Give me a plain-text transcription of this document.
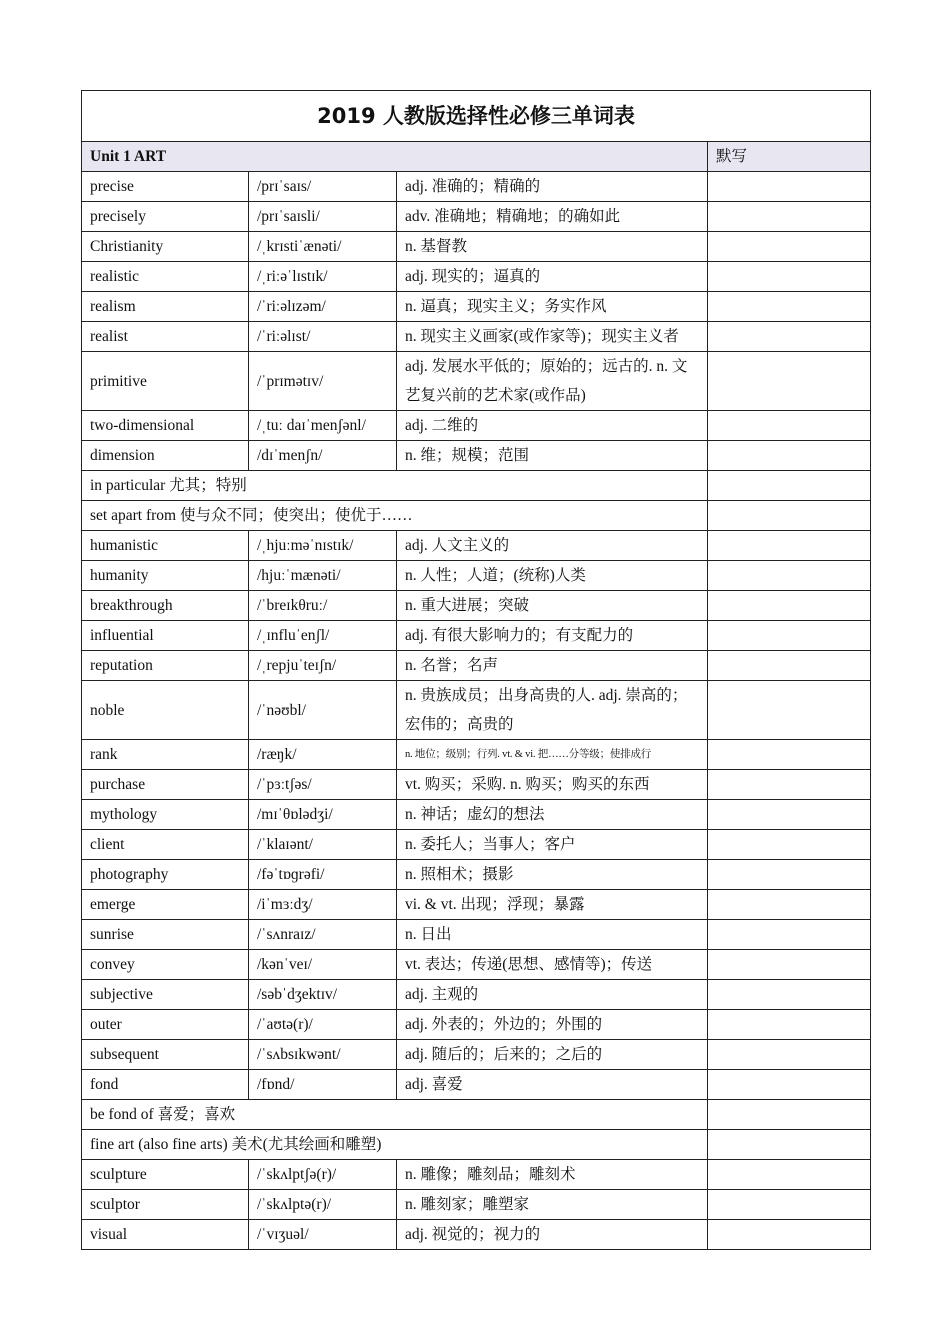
2019 人教版选择性必修三单词表			
Unit 1 ART			默写
precise	/prɪˈsaɪs/	adj. 准确的；精确的	
precisely	/prɪˈsaɪsli/	adv. 准确地；精确地；的确如此	
Christianity	/ˌkrɪstiˈænəti/	n. 基督教	
realistic	/ˌriːəˈlɪstɪk/	adj. 现实的；逼真的	
realism	/ˈriːəlɪzəm/	n. 逼真；现实主义；务实作风	
realist	/ˈriːəlɪst/	n. 现实主义画家(或作家等)；现实主义者	
primitive	/ˈprɪmətɪv/	adj. 发展水平低的；原始的；远古的. n. 文艺复兴前的艺术家(或作品)	
two-dimensional	/ˌtuː daɪˈmenʃənl/	adj. 二维的	
dimension	/dɪˈmenʃn/	n. 维；规模；范围	
in particular 尤其；特别			
set apart from 使与众不同；使突出；使优于……			
humanistic	/ˌhjuːməˈnɪstɪk/	adj. 人文主义的	
humanity	/hjuːˈmænəti/	n. 人性；人道；(统称)人类	
breakthrough	/ˈbreɪkθruː/	n. 重大进展；突破	
influential	/ˌɪnfluˈenʃl/	adj. 有很大影响力的；有支配力的	
reputation	/ˌrepjuˈteɪʃn/	n. 名誉；名声	
noble	/ˈnəʊbl/	n. 贵族成员；出身高贵的人. adj. 崇高的；宏伟的；高贵的	
rank	/ræŋk/	n. 地位；级别；行列. vt. & vi. 把……分等级；使排成行	
purchase	/ˈpɜːtʃəs/	vt. 购买；采购. n. 购买；购买的东西	
mythology	/mɪˈθɒlədʒi/	n. 神话；虚幻的想法	
client	/ˈklaɪənt/	n. 委托人；当事人；客户	
photography	/fəˈtɒɡrəfi/	n. 照相术；摄影	
emerge	/iˈmɜːdʒ/	vi. & vt. 出现；浮现；暴露	
sunrise	/ˈsʌnraɪz/	n. 日出	
convey	/kənˈveɪ/	vt. 表达；传递(思想、感情等)；传送	
subjective	/səbˈdʒektɪv/	adj. 主观的	
outer	/ˈaʊtə(r)/	adj. 外表的；外边的；外围的	
subsequent	/ˈsʌbsɪkwənt/	adj. 随后的；后来的；之后的	
fond	/fɒnd/	adj. 喜爱	
be fond of 喜爱；喜欢			
fine art (also fine arts) 美术(尤其绘画和雕塑)			
sculpture	/ˈskʌlptʃə(r)/	n. 雕像；雕刻品；雕刻术	
sculptor	/ˈskʌlptə(r)/	n. 雕刻家；雕塑家	
visual	/ˈvɪʒuəl/	adj. 视觉的；视力的	
